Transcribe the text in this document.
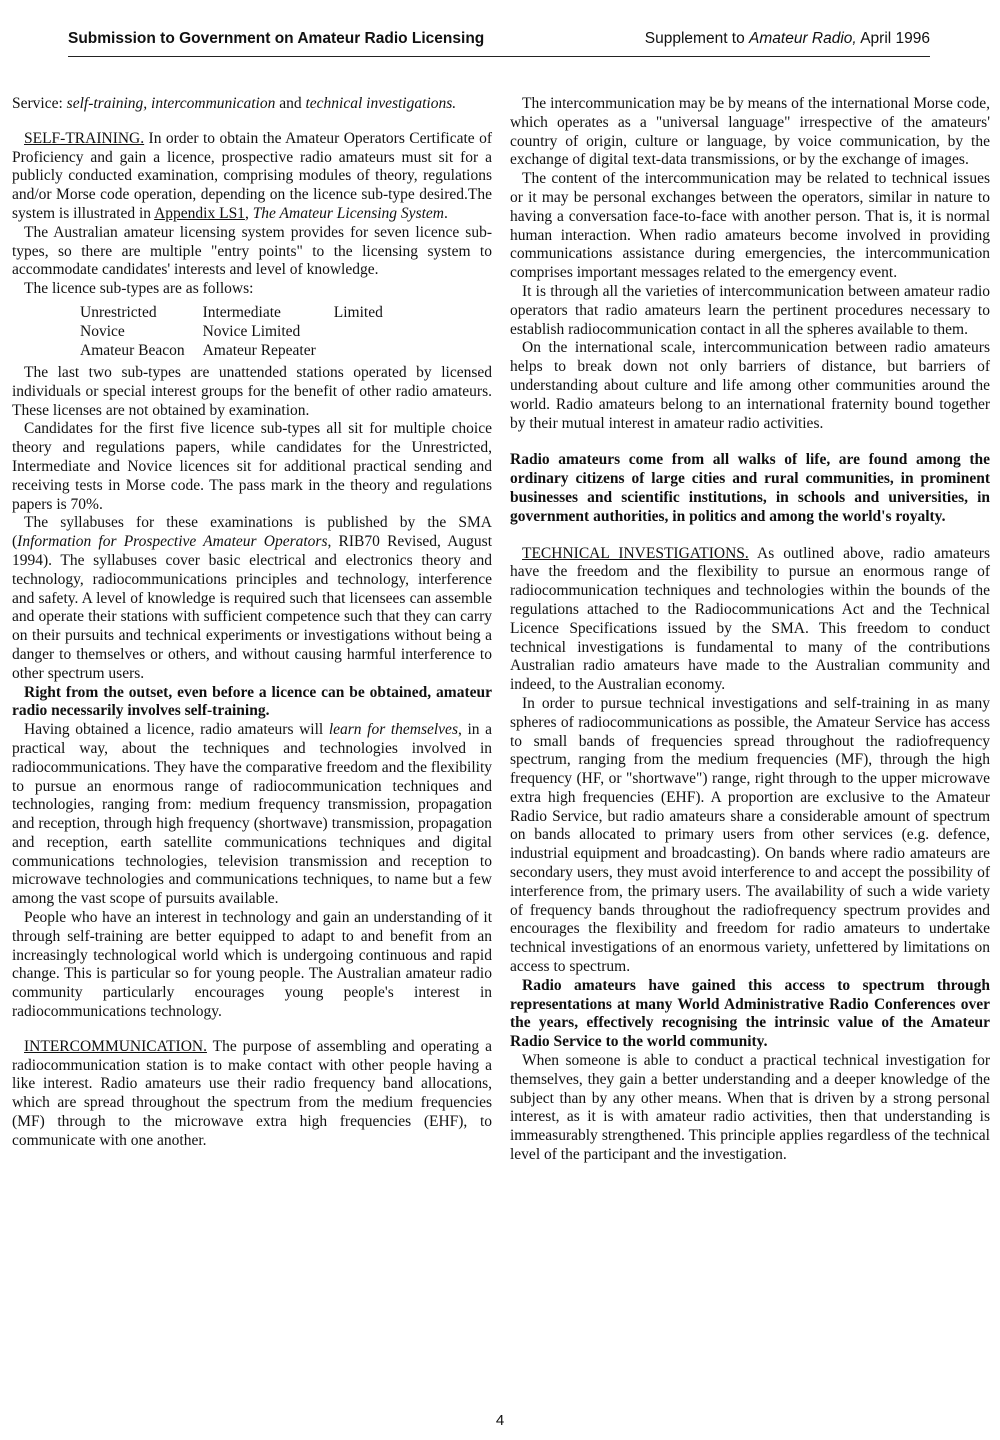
Submission to Government on Amateur Radio Licensing	Supplement to Amateur Radio, April 1996

Service: self-training, intercommunication and technical investigations.

SELF-TRAINING. In order to obtain the Amateur Operators Certificate of Proficiency and gain a licence, prospective radio amateurs must sit for a publicly conducted examination, comprising modules of theory, regulations and/or Morse code operation, depending on the licence sub-type desired.The system is illustrated in Appendix LS1, The Amateur Licensing System.

The Australian amateur licensing system provides for seven licence sub-types, so there are multiple "entry points" to the licensing system to accommodate candidates' interests and level of knowledge.

The licence sub-types are as follows:

Unrestricted	Intermediate	Limited
Novice	Novice Limited	
Amateur Beacon	Amateur Repeater	

The last two sub-types are unattended stations operated by licensed individuals or special interest groups for the benefit of other radio amateurs. These licenses are not obtained by examination.

Candidates for the first five licence sub-types all sit for multiple choice theory and regulations papers, while candidates for the Unrestricted, Intermediate and Novice licences sit for additional practical sending and receiving tests in Morse code. The pass mark in the theory and regulations papers is 70%.

The syllabuses for these examinations is published by the SMA (Information for Prospective Amateur Operators, RIB70 Revised, August 1994). The syllabuses cover basic electrical and electronics theory and technology, radiocommunications principles and technology, interference and safety. A level of knowledge is required such that licensees can assemble and operate their stations with sufficient competence such that they can carry on their pursuits and technical experiments or investigations without being a danger to themselves or others, and without causing harmful interference to other spectrum users.

Right from the outset, even before a licence can be obtained, amateur radio necessarily involves self-training.

Having obtained a licence, radio amateurs will learn for themselves, in a practical way, about the techniques and technologies involved in radiocommunications. They have the comparative freedom and the flexibility to pursue an enormous range of radiocommunication techniques and technologies, ranging from: medium frequency transmission, propagation and reception, through high frequency (shortwave) transmission, propagation and reception, earth satellite communications techniques and digital communications technologies, television transmission and reception to microwave technologies and communications techniques, to name but a few among the vast scope of pursuits available.

People who have an interest in technology and gain an understanding of it through self-training are better equipped to adapt to and benefit from an increasingly technological world which is undergoing continuous and rapid change. This is particular so for young people. The Australian amateur radio community particularly encourages young people's interest in radiocommunications technology.

INTERCOMMUNICATION. The purpose of assembling and operating a radiocommunication station is to make contact with other people having a like interest. Radio amateurs use their radio frequency band allocations, which are spread throughout the spectrum from the medium frequencies (MF) through to the microwave extra high frequencies (EHF), to communicate with one another.

The intercommunication may be by means of the international Morse code, which operates as a "universal language" irrespective of the amateurs' country of origin, culture or language, by voice communication, by the exchange of digital text-data transmissions, or by the exchange of images.

The content of the intercommunication may be related to technical issues or it may be personal exchanges between the operators, similar in nature to having a conversation face-to-face with another person. That is, it is normal human interaction. When radio amateurs become involved in providing communications assistance during emergencies, the intercommunication comprises important messages related to the emergency event.

It is through all the varieties of intercommunication between amateur radio operators that radio amateurs learn the pertinent procedures necessary to establish radiocommunication contact in all the spheres available to them.

On the international scale, intercommunication between radio amateurs helps to break down not only barriers of distance, but barriers of understanding about culture and life among other communities around the world. Radio amateurs belong to an international fraternity bound together by their mutual interest in amateur radio activities.

Radio amateurs come from all walks of life, are found among the ordinary citizens of large cities and rural communities, in prominent businesses and scientific institutions, in schools and universities, in government authorities, in politics and among the world's royalty.

TECHNICAL INVESTIGATIONS. As outlined above, radio amateurs have the freedom and the flexibility to pursue an enormous range of radiocommunication techniques and technologies within the bounds of the regulations attached to the Radiocommunications Act and the Technical Licence Specifications issued by the SMA. This freedom to conduct technical investigations is fundamental to many of the contributions Australian radio amateurs have made to the Australian community and indeed, to the Australian economy.

In order to pursue technical investigations and self-training in as many spheres of radiocommunications as possible, the Amateur Service has access to small bands of frequencies spread throughout the radiofrequency spectrum, ranging from the medium frequencies (MF), through the high frequency (HF, or "shortwave") range, right through to the upper microwave extra high frequencies (EHF). A proportion are exclusive to the Amateur Radio Service, but radio amateurs share a considerable amount of spectrum on bands allocated to primary users from other services (e.g. defence, industrial equipment and broadcasting). On bands where radio amateurs are secondary users, they must avoid interference to and accept the possibility of interference from, the primary users. The availability of such a wide variety of frequency bands throughout the radiofrequency spectrum provides and encourages the flexibility and freedom for radio amateurs to undertake technical investigations of an enormous variety, unfettered by limitations on access to spectrum.

Radio amateurs have gained this access to spectrum through representations at many World Administrative Radio Conferences over the years, effectively recognising the intrinsic value of the Amateur Radio Service to the world community.

When someone is able to conduct a practical technical investigation for themselves, they gain a better understanding and a deeper knowledge of the subject than by any other means. When that is driven by a strong personal interest, as it is with amateur radio activities, then that understanding is immeasurably strengthened. This principle applies regardless of the technical level of the participant and the investigation.

4
